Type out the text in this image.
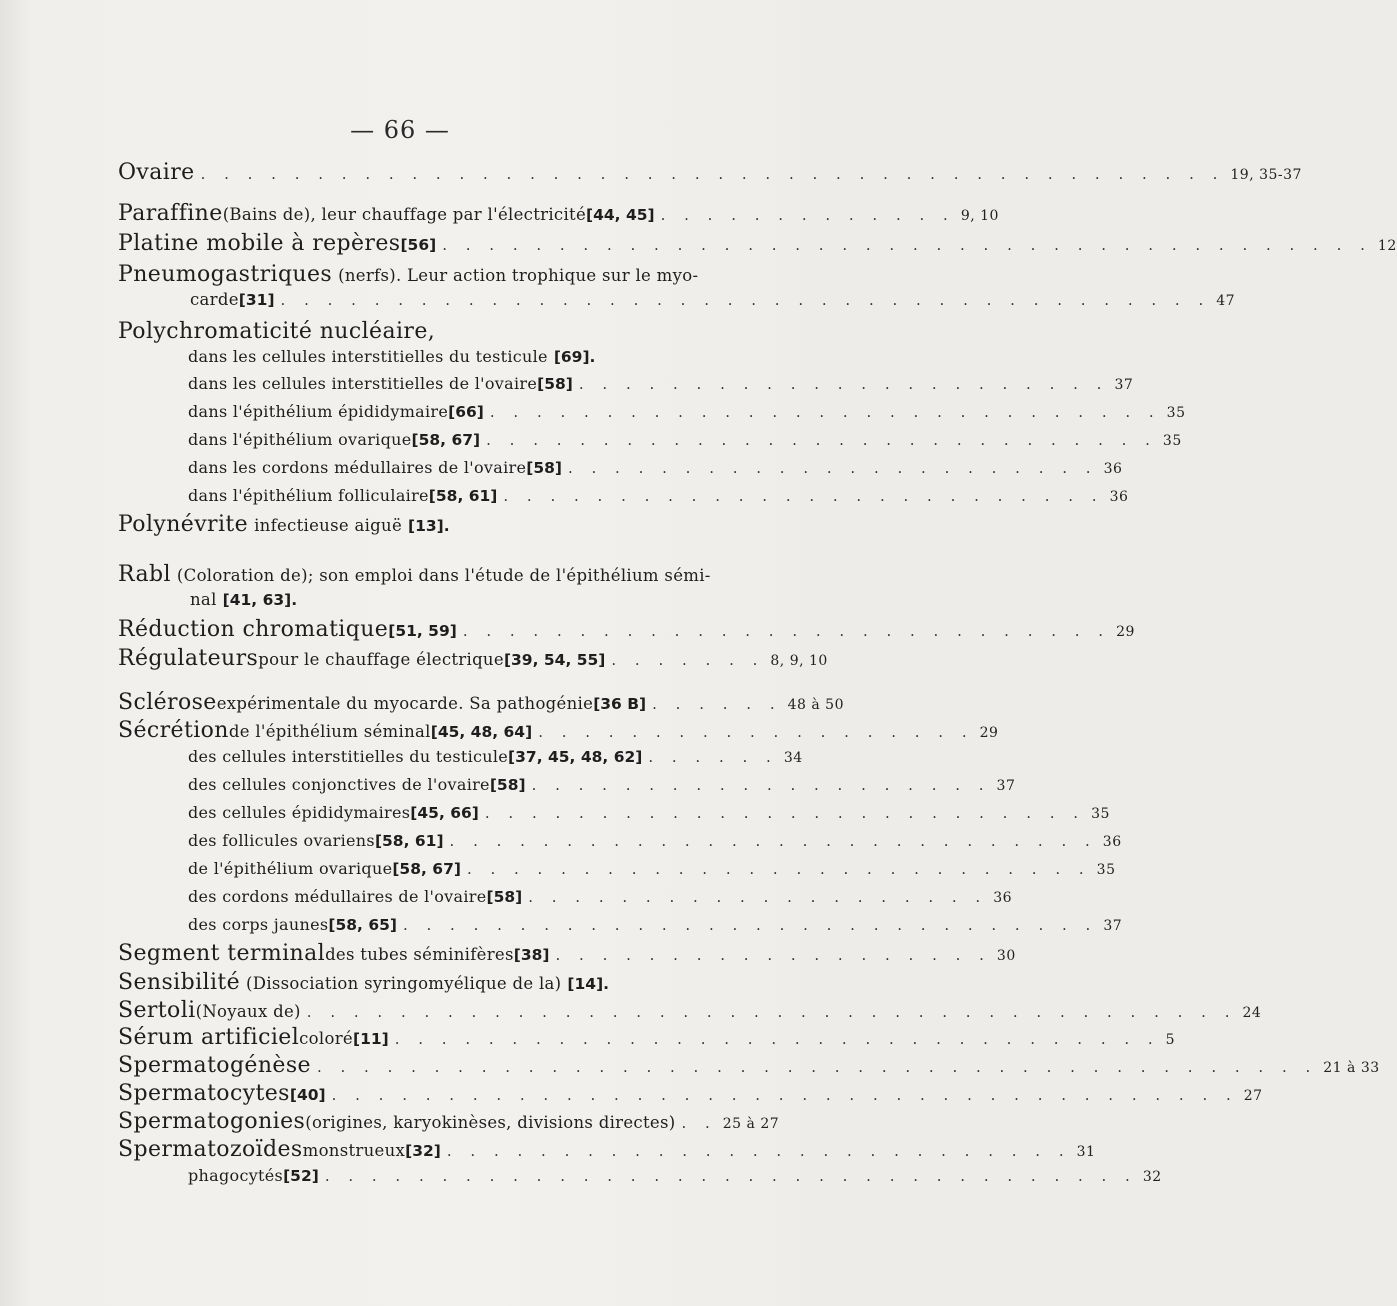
— 66 —
Ovaire . . . . . . . . . . . . . . . . . . . . . . . . . . . . . . . . . . . . . . . . . . . . 19, 35-37
Paraffine (Bains de), leur chauffage par l'électricité [44, 45] . . . . . . . . . . . . . 9, 10
Platine mobile à repères [56] . . . . . . . . . . . . . . . . . . . . . . . . . . . . . . . . . . . . . . . . 12
Pneumogastriques (nerfs). Leur action trophique sur le myo-
carde [31] . . . . . . . . . . . . . . . . . . . . . . . . . . . . . . . . . . . . . . . . 47
Polychromaticité nucléaire,
dans les cellules interstitielles du testicule [69].
dans les cellules interstitielles de l'ovaire [58] . . . . . . . . . . . . . . . . . . . . . . . 37
dans l'épithélium épididymaire [66] . . . . . . . . . . . . . . . . . . . . . . . . . . . . . 35
dans l'épithélium ovarique [58, 67] . . . . . . . . . . . . . . . . . . . . . . . . . . . . . 35
dans les cordons médullaires de l'ovaire [58] . . . . . . . . . . . . . . . . . . . . . . . 36
dans l'épithélium folliculaire [58, 61] . . . . . . . . . . . . . . . . . . . . . . . . . . 36
Polynévrite infectieuse aiguë [13].
Rabl (Coloration de); son emploi dans l'étude de l'épithélium sémi-
nal [41, 63].
Réduction chromatique [51, 59] . . . . . . . . . . . . . . . . . . . . . . . . . . . . 29
Régulateurs pour le chauffage électrique [39, 54, 55] . . . . . . . 8, 9, 10
Sclérose expérimentale du myocarde. Sa pathogénie [36 B] . . . . . . 48 à 50
Sécrétion de l'épithélium séminal [45, 48, 64] . . . . . . . . . . . . . . . . . . . 29
des cellules interstitielles du testicule [37, 45, 48, 62] . . . . . . 34
des cellules conjonctives de l'ovaire [58] . . . . . . . . . . . . . . . . . . . . 37
des cellules épididymaires [45, 66] . . . . . . . . . . . . . . . . . . . . . . . . . . 35
des follicules ovariens [58, 61] . . . . . . . . . . . . . . . . . . . . . . . . . . . . 36
de l'épithélium ovarique [58, 67] . . . . . . . . . . . . . . . . . . . . . . . . . . . 35
des cordons médullaires de l'ovaire [58] . . . . . . . . . . . . . . . . . . . . 36
des corps jaunes [58, 65] . . . . . . . . . . . . . . . . . . . . . . . . . . . . . . 37
Segment terminal des tubes séminifères [38] . . . . . . . . . . . . . . . . . . . 30
Sensibilité (Dissociation syringomyélique de la) [14].
Sertoli (Noyaux de) . . . . . . . . . . . . . . . . . . . . . . . . . . . . . . . . . . . . . . . . 24
Sérum artificiel coloré [11] . . . . . . . . . . . . . . . . . . . . . . . . . . . . . . . . . 5
Spermatogénèse . . . . . . . . . . . . . . . . . . . . . . . . . . . . . . . . . . . . . . . . . . . 21 à 33
Spermatocytes [40] . . . . . . . . . . . . . . . . . . . . . . . . . . . . . . . . . . . . . . . 27
Spermatogonies (origines, karyokinèses, divisions directes) . . 25 à 27
Spermatozoïdes monstrueux [32] . . . . . . . . . . . . . . . . . . . . . . . . . . . 31
phagocytés [52] . . . . . . . . . . . . . . . . . . . . . . . . . . . . . . . . . . . 32
